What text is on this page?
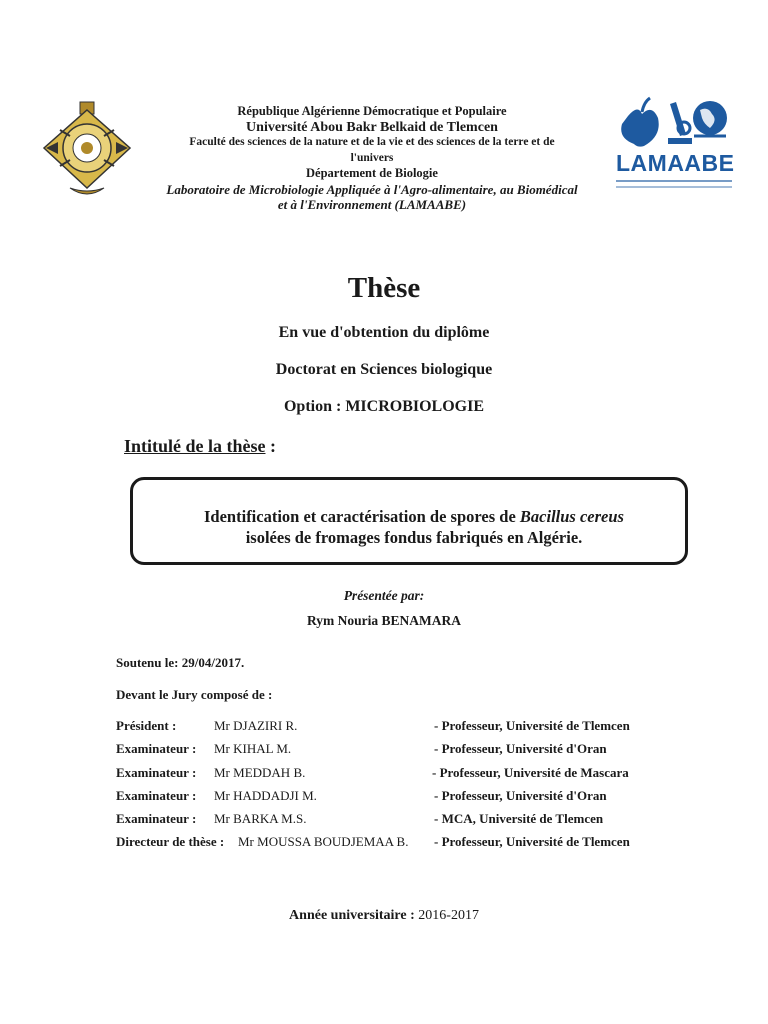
République Algérienne Démocratique et Populaire
Université Abou Bakr Belkaid de Tlemcen
Faculté des sciences de la nature et de la vie et des sciences de la terre et de
l'univers
Département de Biologie
Laboratoire de Microbiologie Appliquée à l'Agro-alimentaire, au Biomédical
et à l'Environnement (LAMAABE)
LAMAABE
Thèse
En vue d'obtention du diplôme
Doctorat en Sciences biologique
Option : MICROBIOLOGIE
Intitulé de la thèse :
Identification et caractérisation de spores de Bacillus cereus
isolées de fromages fondus fabriqués en Algérie.
Présentée par:
Rym Nouria BENAMARA
Soutenu le: 29/04/2017.
Devant le Jury composé de :
Président :	Mr DJAZIRI R.	- Professeur, Université de Tlemcen
Examinateur : Mr KIHAL M.	- Professeur, Université d'Oran
Examinateur : Mr MEDDAH B.	- Professeur, Université de Mascara
Examinateur : Mr HADDADJI M.	- Professeur, Université d'Oran
Examinateur : Mr BARKA M.S.	- MCA, Université de Tlemcen
Directeur de thèse : Mr MOUSSA BOUDJEMAA B. - Professeur, Université de Tlemcen
Année universitaire : 2016-2017
